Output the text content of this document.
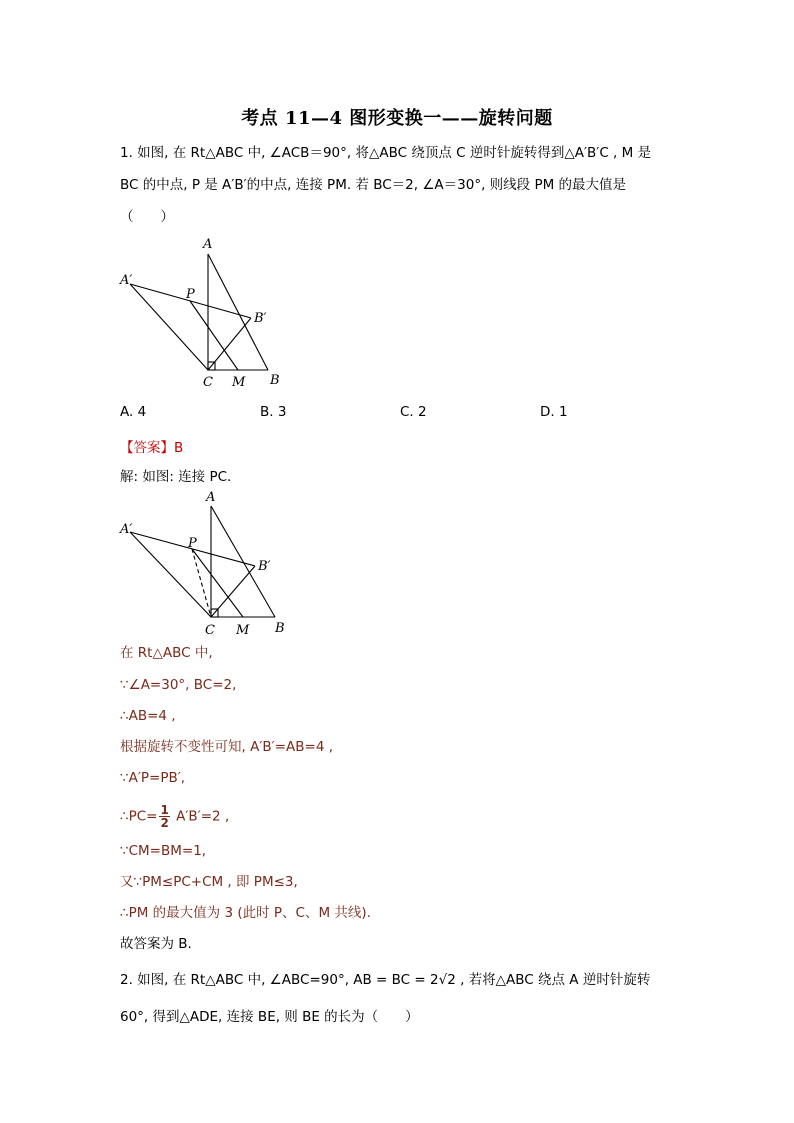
考点 11—4 图形变换一——旋转问题
1. 如图, 在 Rt△ABC 中, ∠ACB＝90°, 将△ABC 绕顶点 C 逆时针旋转得到△A′B′C , M 是
BC 的中点, P 是 A′B′的中点, 连接 PM. 若 BC＝2, ∠A＝30°, 则线段 PM 的最大值是
（　　）
A
A′
P
B′
C M B
A. 4	B. 3	C. 2	D. 1
【答案】B
解: 如图: 连接 PC.
A
A′
P
B′
C M B
在 Rt△ABC 中,
∵∠A=30°, BC=2,
∴AB=4 ,
根据旋转不变性可知, A′B′=AB=4 ,
∵A′P=PB′,
∴PC= $\frac{1}{2} A'B'=2$ ,
∵CM=BM=1,
又∵PM≤PC+CM , 即 PM≤3,
∴PM 的最大值为 3 (此时 P、C、M 共线).
故答案为 B.
2. 如图, 在 Rt△ABC 中, ∠ABC=90°, AB = BC = 2√2 , 若将△ABC 绕点 A 逆时针旋转
60°, 得到△ADE, 连接 BE, 则 BE 的长为（　　）
